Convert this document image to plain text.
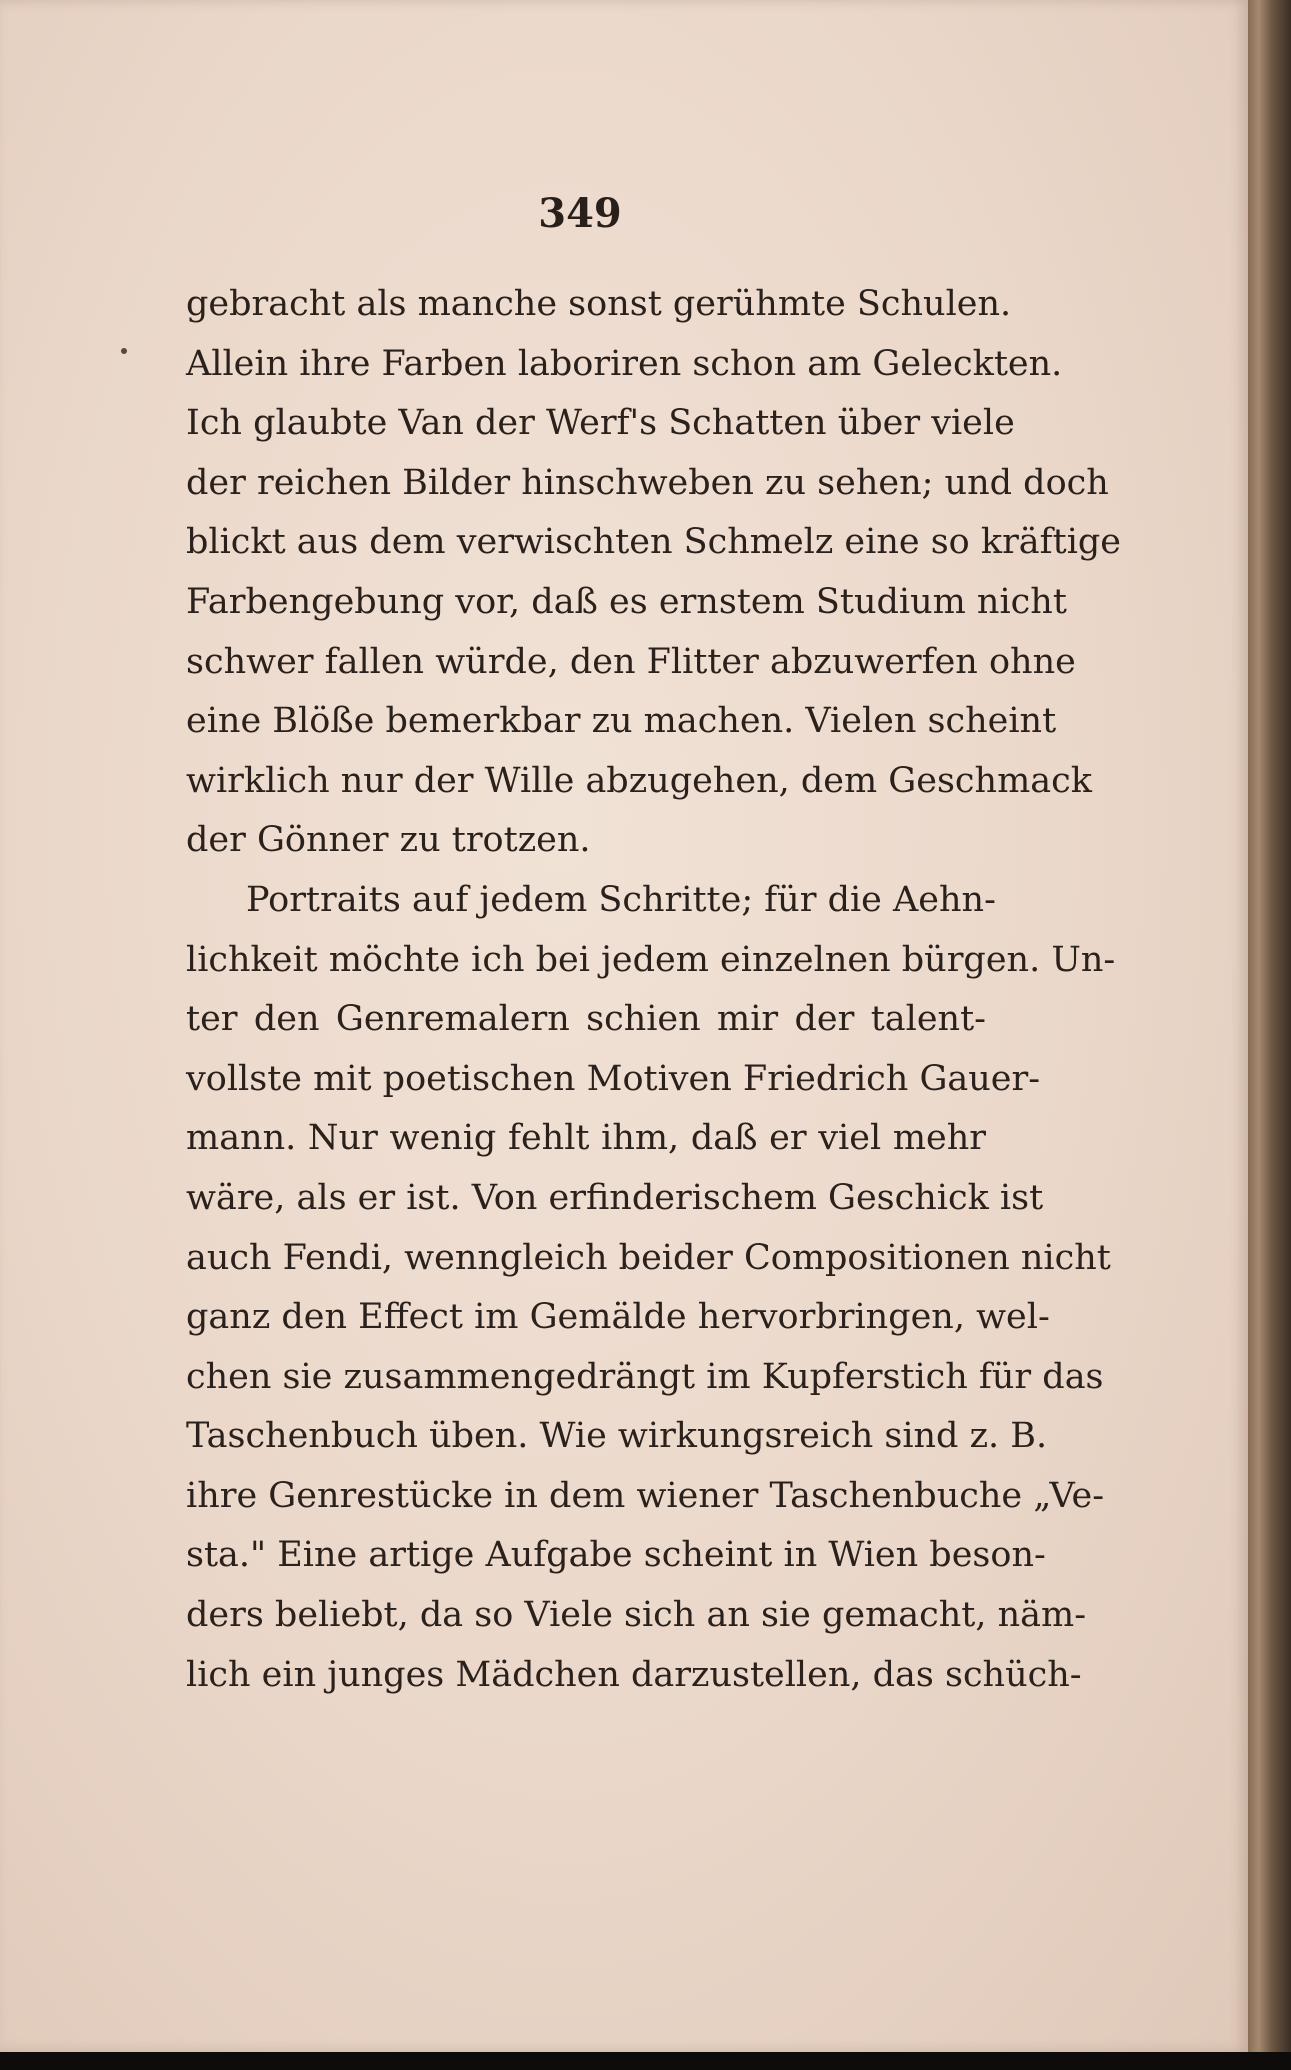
349
gebracht als manche sonst gerühmte Schulen.
Allein ihre Farben laboriren schon am Geleckten.
Ich glaubte Van der Werf's Schatten über viele
der reichen Bilder hinschweben zu sehen; und doch
blickt aus dem verwischten Schmelz eine so kräftige
Farbengebung vor, daß es ernstem Studium nicht
schwer fallen würde, den Flitter abzuwerfen ohne
eine Blöße bemerkbar zu machen. Vielen scheint
wirklich nur der Wille abzugehen, dem Geschmack
der Gönner zu trotzen.
Portraits auf jedem Schritte; für die Aehn-
lichkeit möchte ich bei jedem einzelnen bürgen. Un-
ter den Genremalern schien mir der talent-
vollste mit poetischen Motiven Friedrich Gauer-
mann. Nur wenig fehlt ihm, daß er viel mehr
wäre, als er ist. Von erfinderischem Geschick ist
auch Fendi, wenngleich beider Compositionen nicht
ganz den Effect im Gemälde hervorbringen, wel-
chen sie zusammengedrängt im Kupferstich für das
Taschenbuch üben. Wie wirkungsreich sind z. B.
ihre Genrestücke in dem wiener Taschenbuche „Ve-
sta." Eine artige Aufgabe scheint in Wien beson-
ders beliebt, da so Viele sich an sie gemacht, näm-
lich ein junges Mädchen darzustellen, das schüch-
